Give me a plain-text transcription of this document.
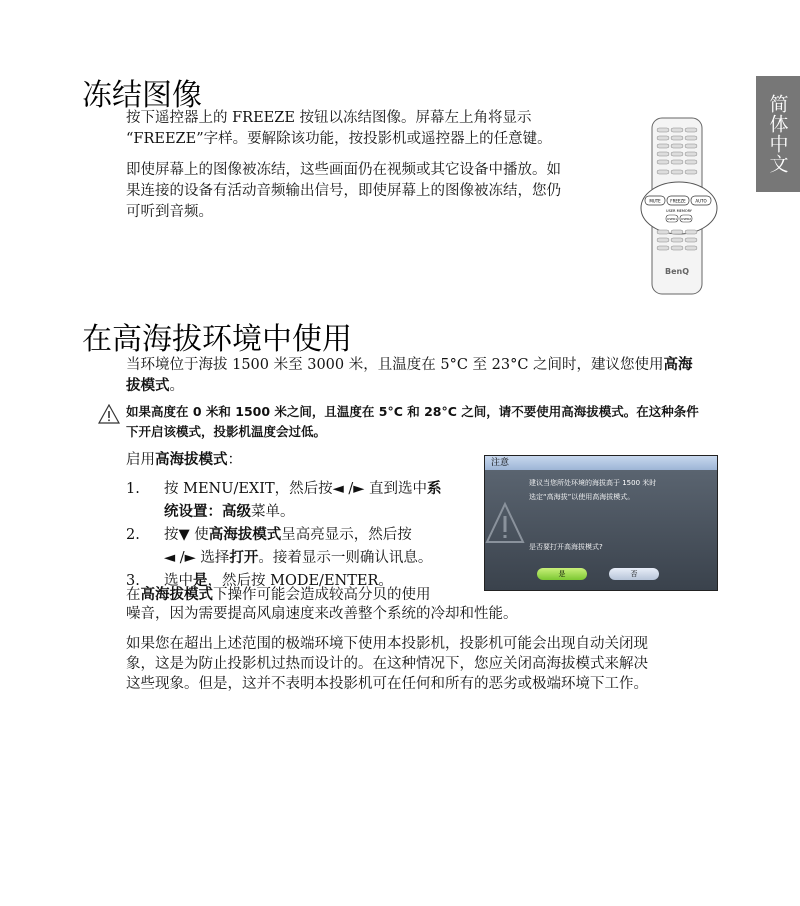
简体中文
冻结图像
按下遥控器上的 FREEZE 按钮以冻结图像。屏幕左上角将显示
“FREEZE”字样。要解除该功能，按投影机或遥控器上的任意键。
即使屏幕上的图像被冻结，这些画面仍在视频或其它设备中播放。如
果连接的设备有活动音频输出信号，即使屏幕上的图像被冻结，您仍
可听到音频。
MUTE FREEZE AUTO
USER MEMORY
USER1 USER2
BenQ
在高海拔环境中使用
当环境位于海拔 1500 米至 3000 米，且温度在 5°C 至 23°C 之间时，建议您使用高海
拔模式。
如果高度在 0 米和 1500 米之间，且温度在 5°C 和 28°C 之间，请不要使用高海拔模式。在这种条件
下开启该模式，投影机温度会过低。
启用高海拔模式：
1. 按 MENU/EXIT，然后按◄ /► 直到选中系
统设置：高级菜单。
2. 按▼ 使高海拔模式呈高亮显示，然后按
◄ /► 选择打开。接着显示一则确认讯息。
3. 选中是，然后按 MODE/ENTER。
在高海拔模式下操作可能会造成较高分贝的使用
噪音，因为需要提高风扇速度来改善整个系统的冷却和性能。
如果您在超出上述范围的极端环境下使用本投影机，投影机可能会出现自动关闭现
象，这是为防止投影机过热而设计的。在这种情况下，您应关闭高海拔模式来解决
这些现象。但是，这并不表明本投影机可在任何和所有的恶劣或极端环境下工作。
注意
建议当您所处环境的海拔高于 1500 米时
选定“高海拔”以使用高海拔模式。
是否要打开高海拔模式?
是	否
